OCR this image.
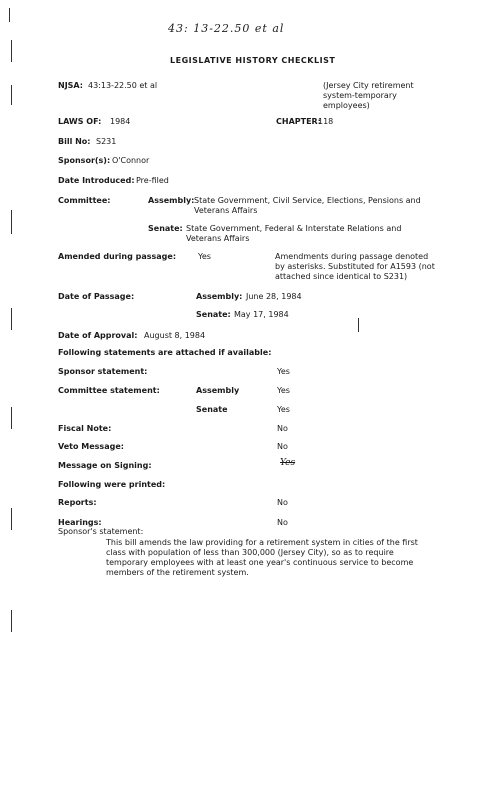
43: 13-22.50 et al
LEGISLATIVE HISTORY CHECKLIST
NJSA: 43:13-22.50 et al	(Jersey City retirement system-temporary employees)
LAWS OF: 1984	CHAPTER:
118
Bill No: S231
Sponsor(s): O'Connor
Date Introduced: Pre-filed
Committee:	Assembly: State Government, Civil Service, Elections, Pensions and Veterans Affairs
Senate: State Government, Federal & Interstate Relations and Veterans Affairs
Amended during passage:	Yes	Amendments during passage denoted by asterisks. Substituted for A1593 (not attached since identical to S231)
Date of Passage:	Assembly: June 28, 1984
Senate: May 17, 1984
Date of Approval: August 8, 1984
Following statements are attached if available:
Sponsor statement:	Yes
Committee statement:	Assembly	Yes
Senate	Yes
Fiscal Note:	No
Veto Message:	No
Message on Signing:	Yes
Following were printed:
Reports:	No
Hearings:	No
Sponsor's statement:
This bill amends the law providing for a retirement system in cities of the first class with population of less than 300,000 (Jersey City), so as to require temporary employees with at least one year's continuous service to become members of the retirement system.
